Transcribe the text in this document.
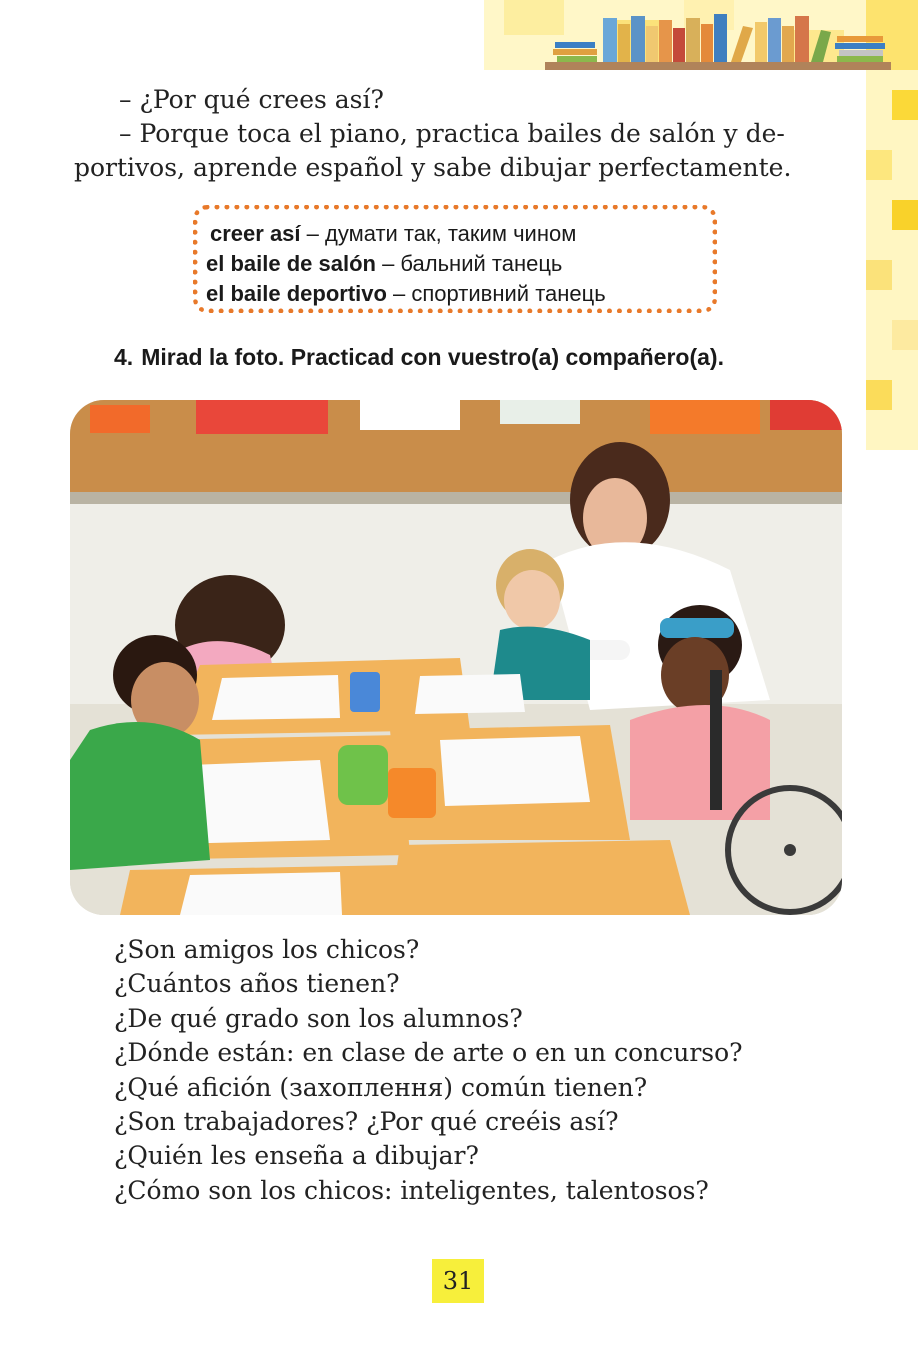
– ¿Por qué crees así?
– Porque toca el piano, practica bailes de salón y de-
portivos, aprende español y sabe dibujar perfectamente.
creer así – думати так, таким чином
el baile de salón – бальний танець
el baile deportivo – спортивний танець
4. Mirad la foto. Practicad con vuestro(a) compañero(a).
¿Son amigos los chicos?
¿Cuántos años tienen?
¿De qué grado son los alumnos?
¿Dónde están: en clase de arte o en un concurso?
¿Qué afición (захоплення) común tienen?
¿Son trabajadores? ¿Por qué creéis así?
¿Quién les enseña a dibujar?
¿Cómo son los chicos: inteligentes, talentosos?
31
